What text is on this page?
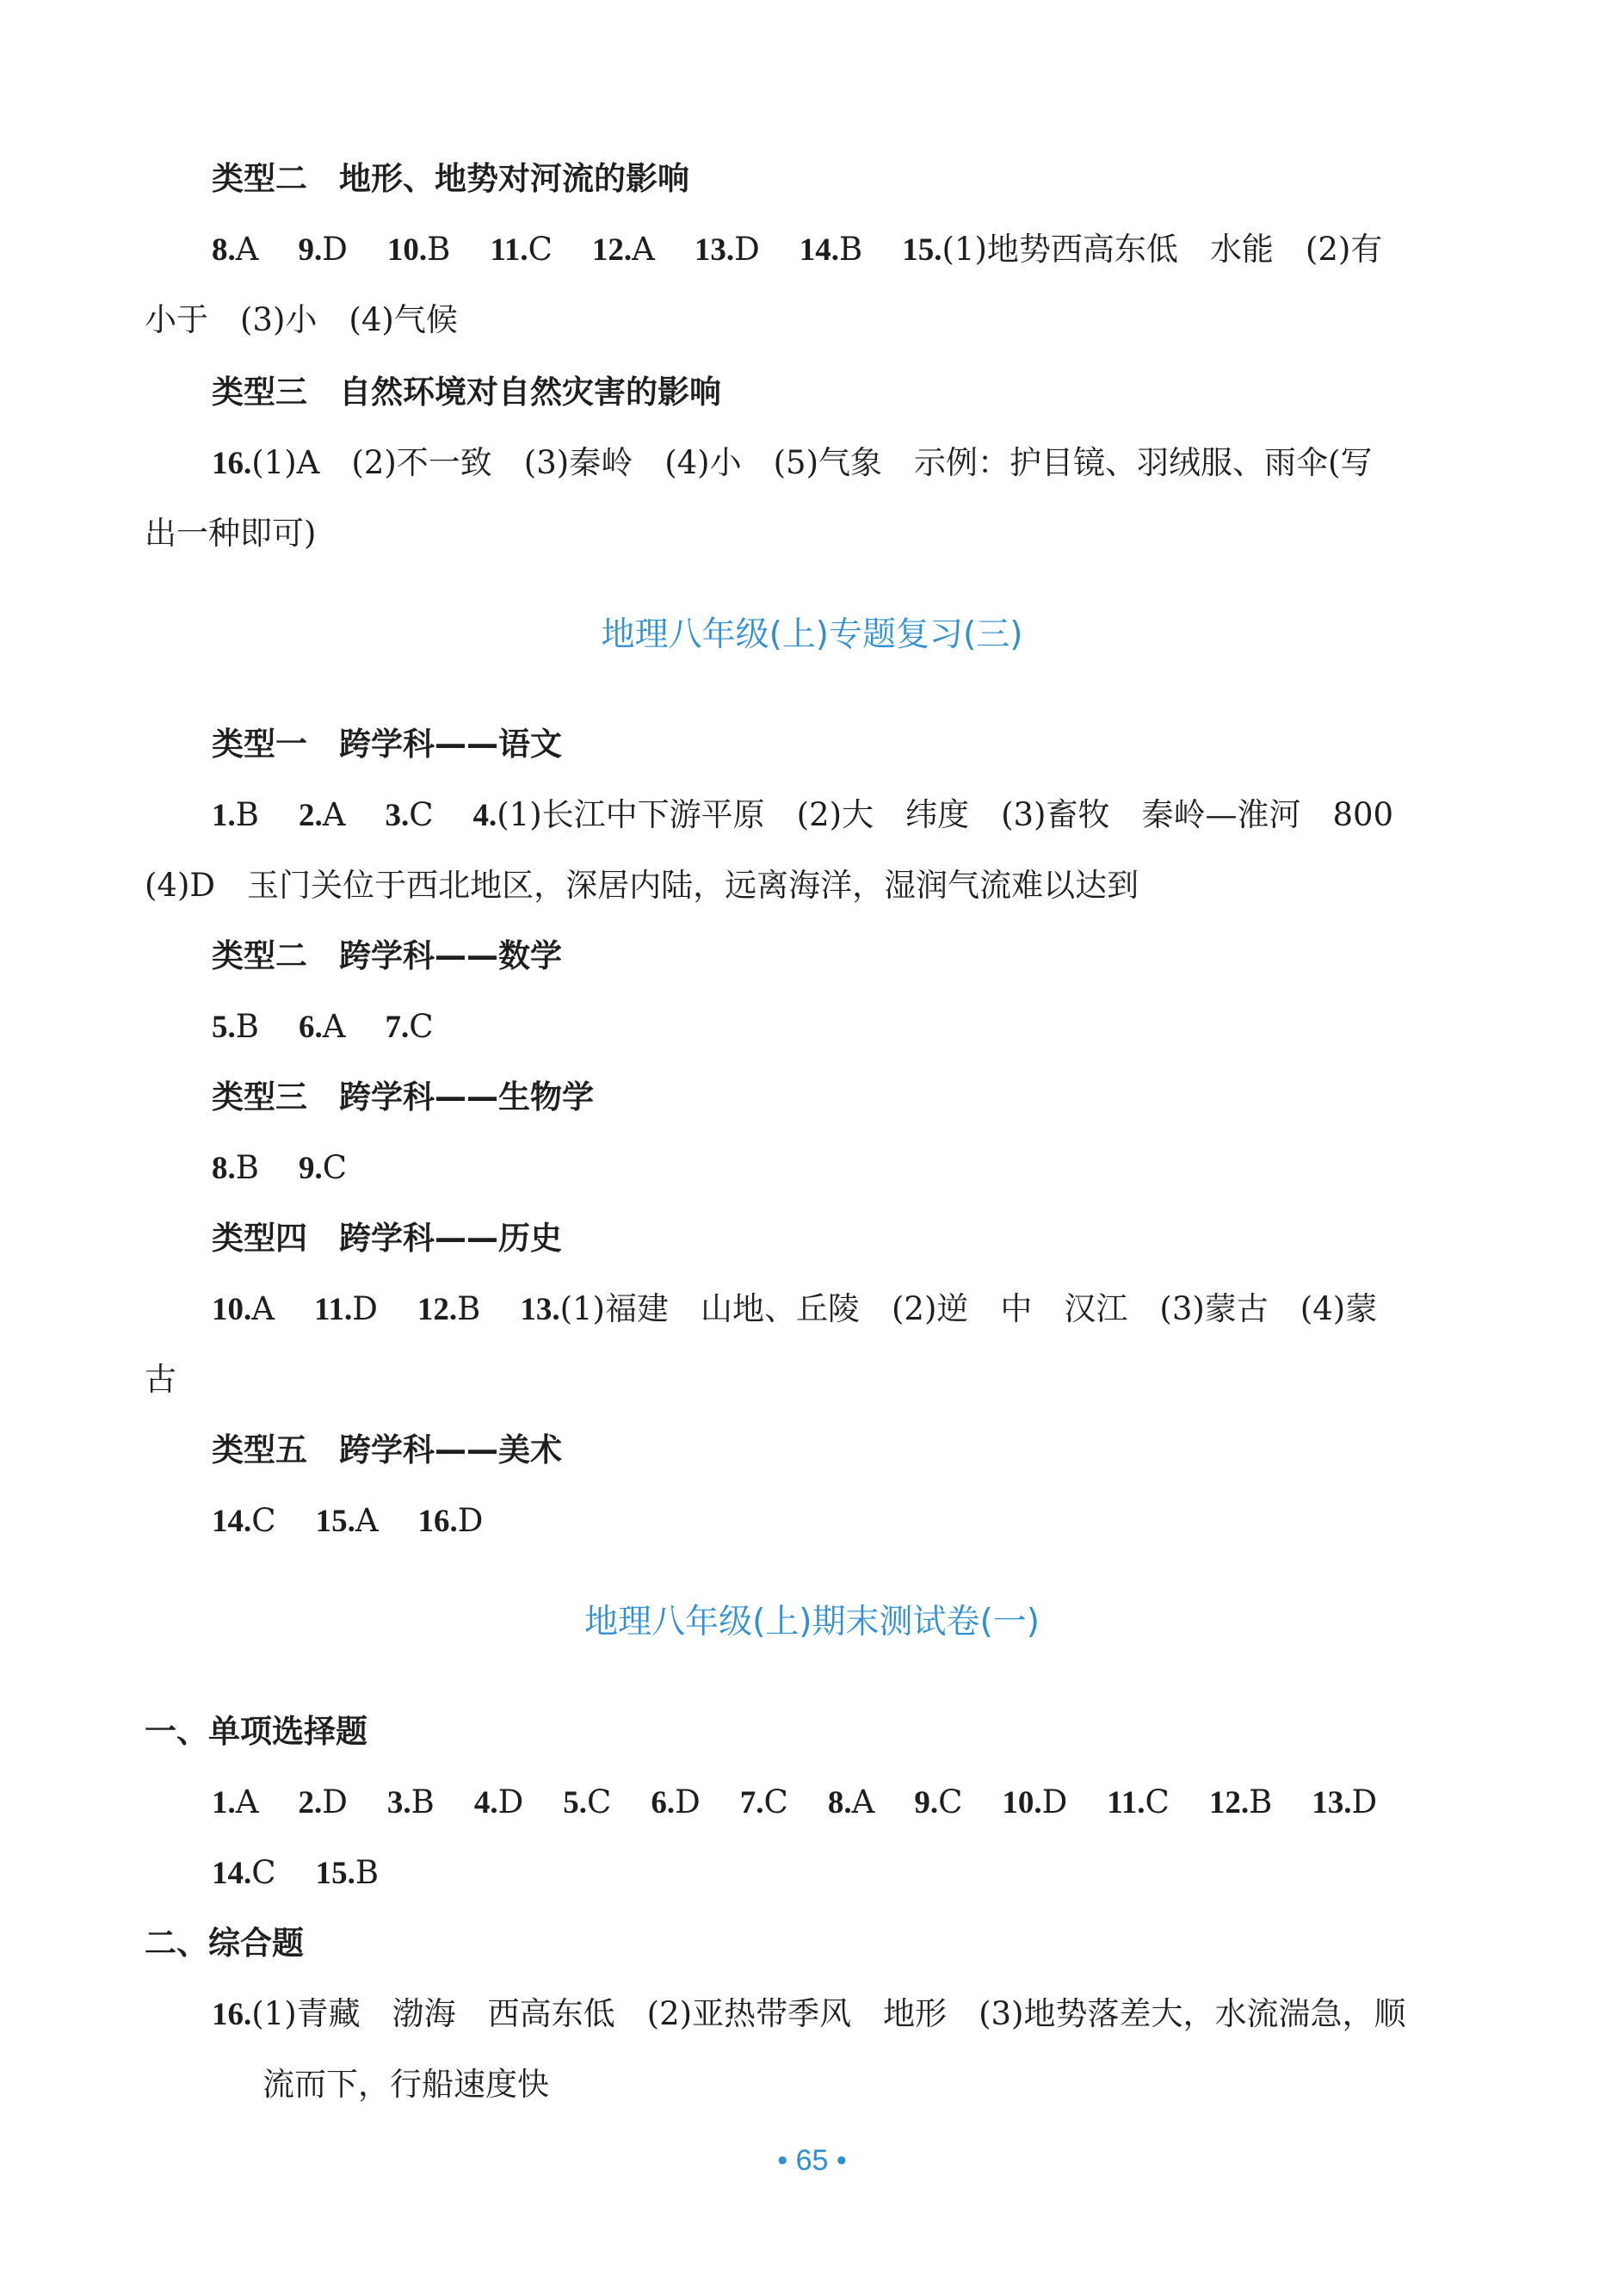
类型二　地形、地势对河流的影响
8.A 9.D 10.B 11.C 12.A 13.D 14.B 15.(1)地势西高东低　水能　(2)有
小于　(3)小　(4)气候
类型三　自然环境对自然灾害的影响
16.(1)A　(2)不一致　(3)秦岭　(4)小　(5)气象　示例：护目镜、羽绒服、雨伞(写
出一种即可)
地理八年级(上)专题复习(三)
类型一　跨学科——语文
1.B 2.A 3.C 4.(1)长江中下游平原　(2)大　纬度　(3)畜牧　秦岭—淮河　800
(4)D　玉门关位于西北地区，深居内陆，远离海洋，湿润气流难以达到
类型二　跨学科——数学
5.B 6.A 7.C
类型三　跨学科——生物学
8.B 9.C
类型四　跨学科——历史
10.A 11.D 12.B 13.(1)福建　山地、丘陵　(2)逆　中　汉江　(3)蒙古　(4)蒙
古
类型五　跨学科——美术
14.C 15.A 16.D
地理八年级(上)期末测试卷(一)
一、单项选择题
1.A 2.D 3.B 4.D 5.C 6.D 7.C 8.A 9.C 10.D 11.C 12.B 13.D
14.C 15.B
二、综合题
16.(1)青藏　渤海　西高东低　(2)亚热带季风　地形　(3)地势落差大，水流湍急，顺
流而下，行船速度快
• 65 •
